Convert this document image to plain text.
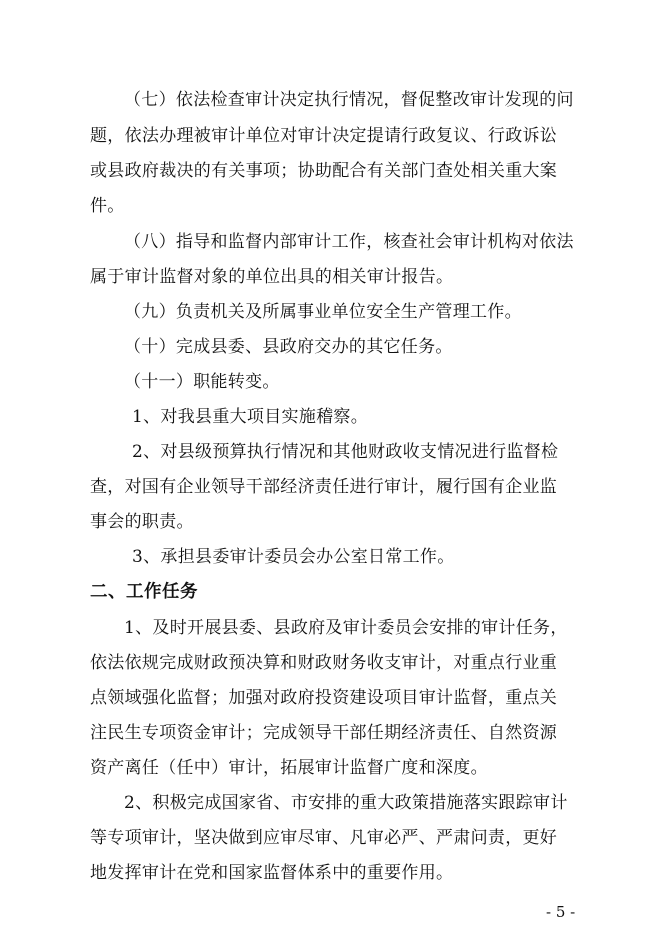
（七）依法检查审计决定执行情况，督促整改审计发现的问
题，依法办理被审计单位对审计决定提请行政复议、行政诉讼
或县政府裁决的有关事项；协助配合有关部门查处相关重大案
件。
（八）指导和监督内部审计工作，核查社会审计机构对依法
属于审计监督对象的单位出具的相关审计报告。
（九）负责机关及所属事业单位安全生产管理工作。
（十）完成县委、县政府交办的其它任务。
（十一）职能转变。
1、对我县重大项目实施稽察。
2、对县级预算执行情况和其他财政收支情况进行监督检
查，对国有企业领导干部经济责任进行审计，履行国有企业监
事会的职责。
3、承担县委审计委员会办公室日常工作。
二、工作任务
1、及时开展县委、县政府及审计委员会安排的审计任务，
依法依规完成财政预决算和财政财务收支审计，对重点行业重
点领域强化监督；加强对政府投资建设项目审计监督，重点关
注民生专项资金审计；完成领导干部任期经济责任、自然资源
资产离任（任中）审计，拓展审计监督广度和深度。
2、积极完成国家省、市安排的重大政策措施落实跟踪审计
等专项审计，坚决做到应审尽审、凡审必严、严肃问责，更好
地发挥审计在党和国家监督体系中的重要作用。
- 5 -
